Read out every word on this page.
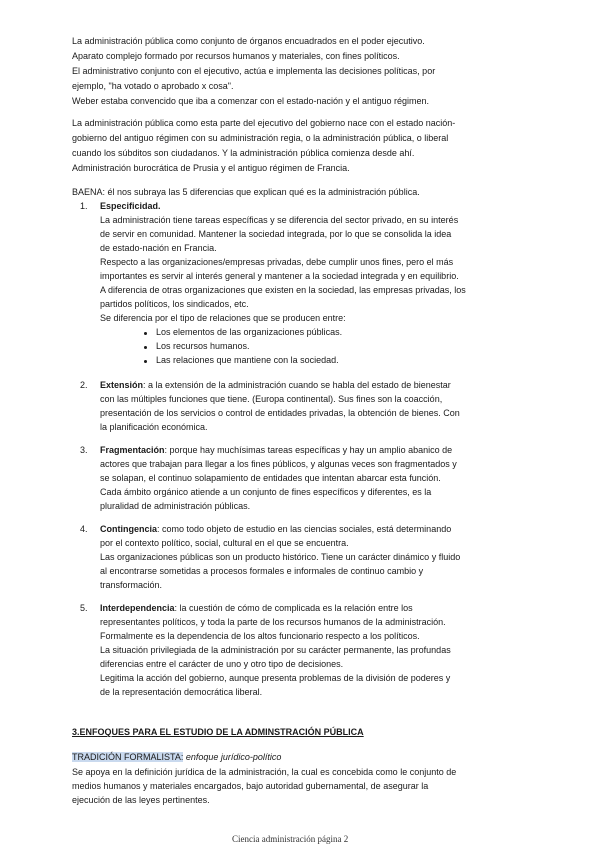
La administración pública como conjunto de órganos encuadrados en el poder ejecutivo.
Aparato complejo formado por recursos humanos y materiales, con fines políticos.
El administrativo conjunto con el ejecutivo, actúa e implementa las decisiones políticas, por
ejemplo, "ha votado o aprobado x cosa".
Weber estaba convencido que iba a comenzar con el estado-nación y el antiguo régimen.
La administración pública como esta parte del ejecutivo del gobierno nace con el estado nación-
gobierno del antiguo régimen con su administración regia, o la administración pública, o liberal
cuando los súbditos son ciudadanos. Y la administración pública comienza desde ahí.
Administración burocrática de Prusia y el antiguo régimen de Francia.
BAENA: él nos subraya las 5 diferencias que explican qué es la administración pública.
1. Especificidad.
La administración tiene tareas específicas y se diferencia del sector privado, en su interés
de servir en comunidad. Mantener la sociedad integrada, por lo que se consolida la idea
de estado-nación en Francia.
Respecto a las organizaciones/empresas privadas, debe cumplir unos fines, pero el más
importantes es servir al interés general y mantener a la sociedad integrada y en equilibrio.
A diferencia de otras organizaciones que existen en la sociedad, las empresas privadas, los
partidos políticos, los sindicados, etc.
Se diferencia por el tipo de relaciones que se producen entre:
Los elementos de las organizaciones públicas.
Los recursos humanos.
Las relaciones que mantiene con la sociedad.
2. Extensión: a la extensión de la administración cuando se habla del estado de bienestar
con las múltiples funciones que tiene. (Europa continental). Sus fines son la coacción,
presentación de los servicios o control de entidades privadas, la obtención de bienes. Con
la planificación económica.
3. Fragmentación: porque hay muchísimas tareas específicas y hay un amplio abanico de
actores que trabajan para llegar a los fines públicos, y algunas veces son fragmentados y
se solapan, el continuo solapamiento de entidades que intentan abarcar esta función.
Cada ámbito orgánico atiende a un conjunto de fines específicos y diferentes, es la
pluralidad de administración públicas.
4. Contingencia: como todo objeto de estudio en las ciencias sociales, está determinando
por el contexto político, social, cultural en el que se encuentra.
Las organizaciones públicas son un producto histórico. Tiene un carácter dinámico y fluido
al encontrarse sometidas a procesos formales e informales de continuo cambio y
transformación.
5. Interdependencia: la cuestión de cómo de complicada es la relación entre los
representantes políticos, y toda la parte de los recursos humanos de la administración.
Formalmente es la dependencia de los altos funcionario respecto a los políticos.
La situación privilegiada de la administración por su carácter permanente, las profundas
diferencias entre el carácter de uno y otro tipo de decisiones.
Legitima la acción del gobierno, aunque presenta problemas de la división de poderes y
de la representación democrática liberal.
3.ENFOQUES PARA EL ESTUDIO DE LA ADMINSTRACIÓN PÚBLICA
TRADICIÓN FORMALISTA: enfoque jurídico-político
Se apoya en la definición jurídica de la administración, la cual es concebida como le conjunto de
medios humanos y materiales encargados, bajo autoridad gubernamental, de asegurar la
ejecución de las leyes pertinentes.
Ciencia administración página 2
